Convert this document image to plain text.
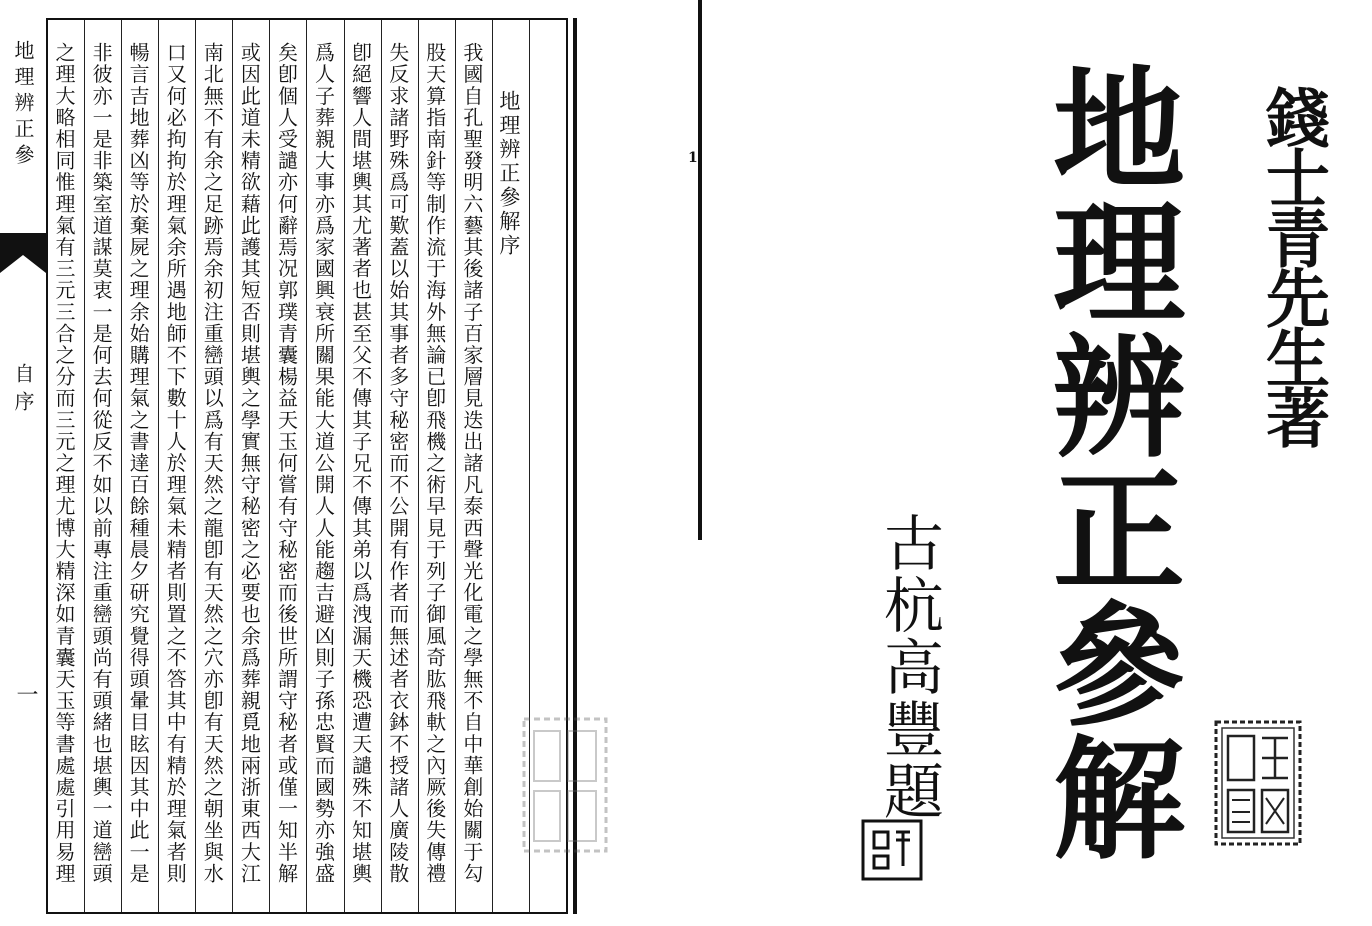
地理辨正參
自序
一
地理辨正參解序
我國自孔聖發明六藝其後諸子百家層見迭出諸凡泰西聲光化電之學無不自中華創始關于勾
股天算指南針等制作流于海外無論已卽飛機之術早見于列子御風奇肱飛軑之內厥後失傳禮
失反求諸野殊爲可歎蓋以始其事者多守秘密而不公開有作者而無述者衣鉢不授諸人廣陵散
卽絕響人間堪輿其尤著者也甚至父不傳其子兄不傳其弟以爲洩漏天機恐遭天譴殊不知堪輿
爲人子葬親大事亦爲家國興衰所關果能大道公開人人能趨吉避凶則子孫忠賢而國勢亦強盛
矣卽個人受譴亦何辭焉况郭璞青囊楊益天玉何嘗有守秘密而後世所謂守秘者或僅一知半解
或因此道未精欲藉此護其短否則堪輿之學實無守秘密之必要也余爲葬親覓地兩浙東西大江
南北無不有余之足跡焉余初注重巒頭以爲有天然之龍卽有天然之穴亦卽有天然之朝坐與水
口又何必拘拘於理氣余所遇地師不下數十人於理氣未精者則置之不答其中有精於理氣者則
暢言吉地葬凶等於棄屍之理余始購理氣之書達百餘種晨夕研究覺得頭暈目眩因其中此一是
非彼亦一是非築室道謀莫衷一是何去何從反不如以前專注重巒頭尚有頭緒也堪輿一道巒頭
之理大略相同惟理氣有三元三合之分而三元之理尤博大精深如青囊天玉等書處處引用易理	1	錢士青先生著
地理辨正參解
古杭高豐題
